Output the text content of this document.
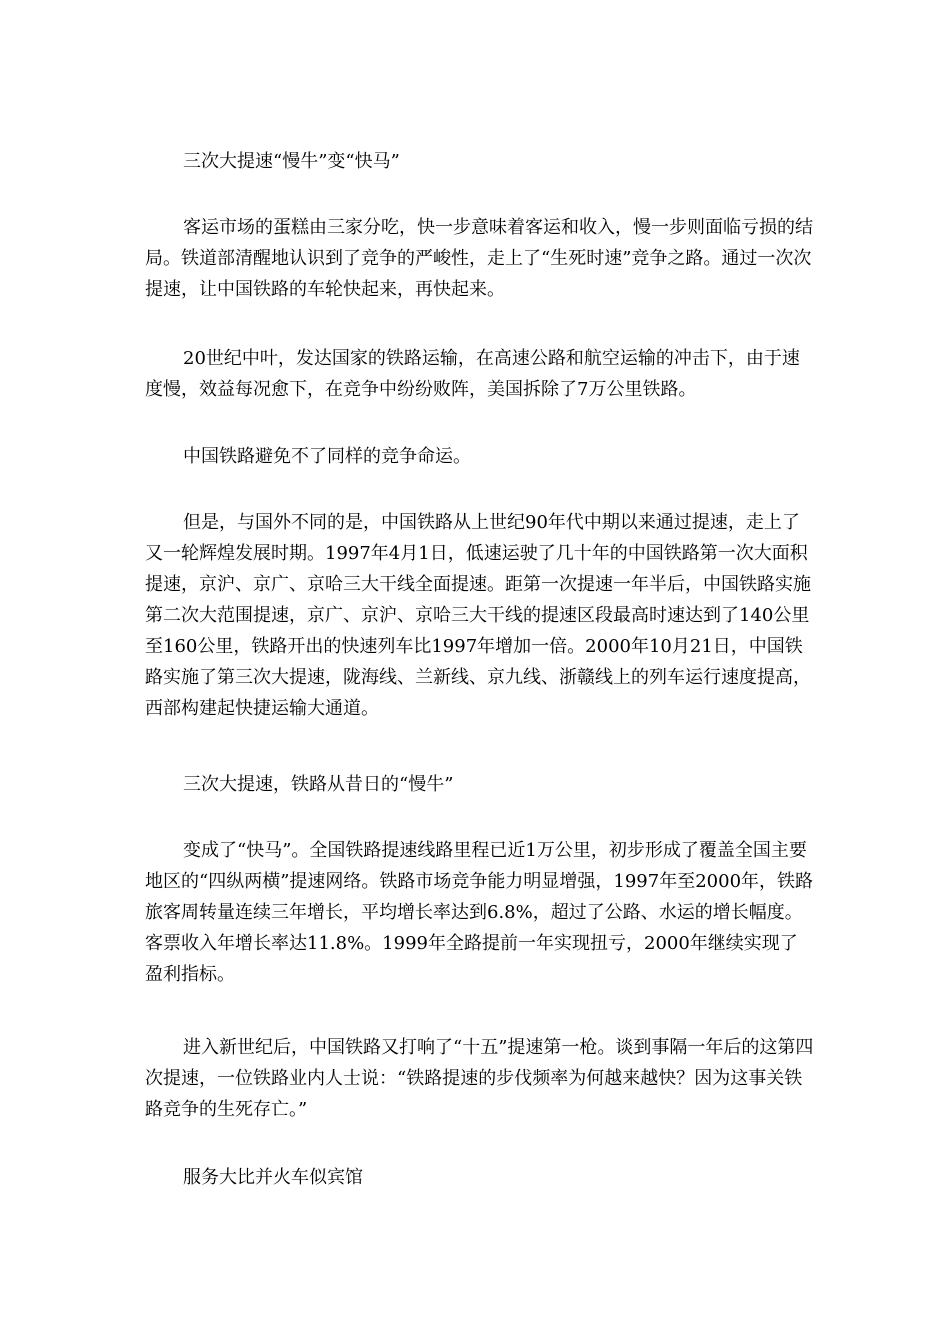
三次大提速“慢牛”变“快马”

客运市场的蛋糕由三家分吃，快一步意味着客运和收入，慢一步则面临亏损的结局。铁道部清醒地认识到了竞争的严峻性，走上了“生死时速”竞争之路。通过一次次提速，让中国铁路的车轮快起来，再快起来。

20世纪中叶，发达国家的铁路运输，在高速公路和航空运输的冲击下，由于速度慢，效益每况愈下，在竞争中纷纷败阵，美国拆除了7万公里铁路。

中国铁路避免不了同样的竞争命运。

但是，与国外不同的是，中国铁路从上世纪90年代中期以来通过提速，走上了又一轮辉煌发展时期。1997年4月1日，低速运驶了几十年的中国铁路第一次大面积提速，京沪、京广、京哈三大干线全面提速。距第一次提速一年半后，中国铁路实施第二次大范围提速，京广、京沪、京哈三大干线的提速区段最高时速达到了140公里至160公里，铁路开出的快速列车比1997年增加一倍。2000年10月21日，中国铁路实施了第三次大提速，陇海线、兰新线、京九线、浙赣线上的列车运行速度提高，西部构建起快捷运输大通道。

三次大提速，铁路从昔日的“慢牛”

变成了“快马”。全国铁路提速线路里程已近1万公里，初步形成了覆盖全国主要地区的“四纵两横”提速网络。铁路市场竞争能力明显增强，1997年至2000年，铁路旅客周转量连续三年增长，平均增长率达到6.8%，超过了公路、水运的增长幅度。客票收入年增长率达11.8%。1999年全路提前一年实现扭亏，2000年继续实现了盈利指标。

进入新世纪后，中国铁路又打响了“十五”提速第一枪。谈到事隔一年后的这第四次提速，一位铁路业内人士说：“铁路提速的步伐频率为何越来越快？因为这事关铁路竞争的生死存亡。”

服务大比并火车似宾馆
